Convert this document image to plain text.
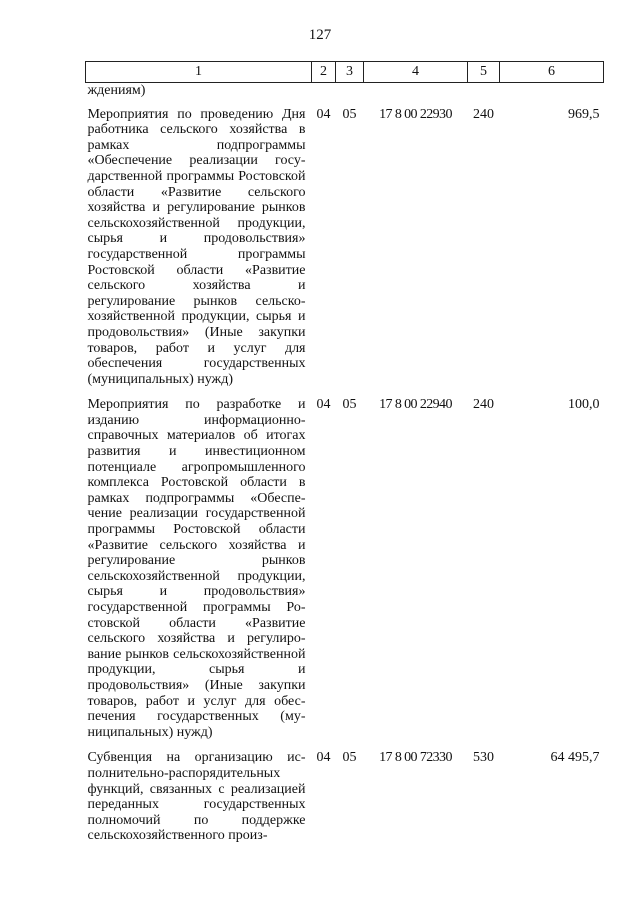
127
1	2	3	4	5	6
ждениям)					
Мероприятия по проведению Дня работника сельского хозяйства в рамках подпрограммы «Обеспечение реализации государственной программы Ростовской области «Развитие сельского хозяйства и регулирование рынков сельскохозяйственной продукции, сырья и продовольствия» государственной программы Ростовской области «Развитие сельского хозяйства и регулирование рынков сельскохозяйственной продукции, сырья и продовольствия» (Иные закупки товаров, работ и услуг для обеспечения государственных (муниципальных) нужд)	04	05	17 8 00 22930	240	969,5
Мероприятия по разработке и изданию информационно-справочных материалов об итогах развития и инвестиционном потенциале агропромышленного комплекса Ростовской области в рамках подпрограммы «Обеспечение реализации государственной программы Ростовской области «Развитие сельского хозяйства и регулирование рынков сельскохозяйственной продукции, сырья и продовольствия» государственной программы Ростовской области «Развитие сельского хозяйства и регулирование рынков сельскохозяйственной продукции, сырья и продовольствия» (Иные закупки товаров, работ и услуг для обеспечения государственных (муниципальных) нужд)	04	05	17 8 00 22940	240	100,0
Субвенция на организацию исполнительно-распорядительных функций, связанных с реализацией переданных государственных полномочий по поддержке сельскохозяйственного произ-	04	05	17 8 00 72330	530	64 495,7
